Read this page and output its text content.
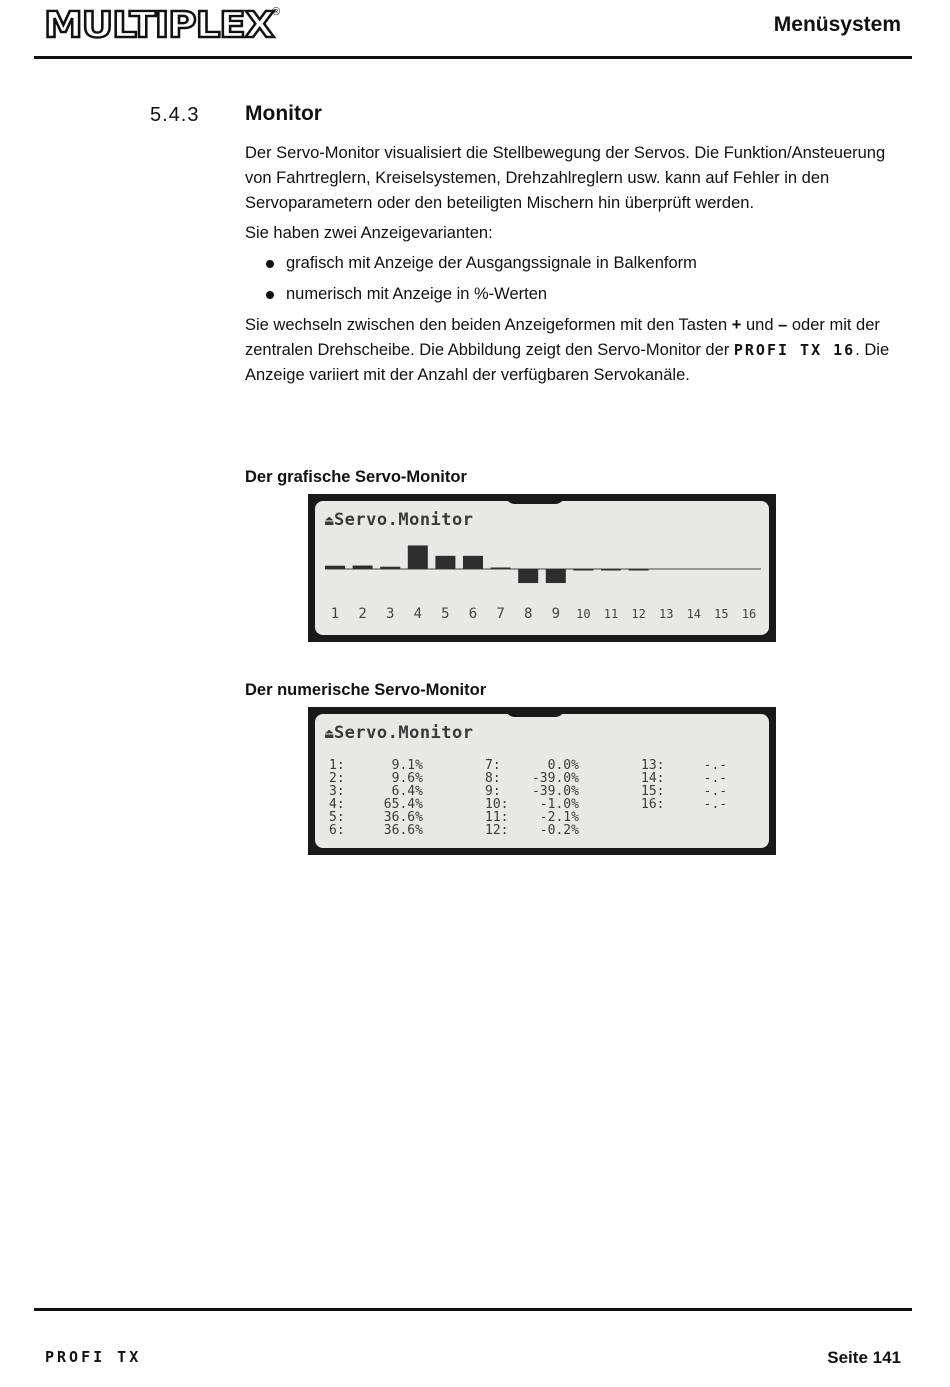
MULTIPLEX
®
Menüsystem
5.4.3 Monitor

Der Servo-Monitor visualisiert die Stellbewegung der Servos. Die Funktion/Ansteuerung von Fahrtreglern, Kreiselsystemen, Drehzahlreglern usw. kann auf Fehler in den Servoparametern oder den beteiligten Mischern hin überprüft werden.

Sie haben zwei Anzeigevarianten:

grafisch mit Anzeige der Ausgangssignale in Balkenform
numerisch mit Anzeige in %-Werten

Sie wechseln zwischen den beiden Anzeigeformen mit den Tasten + und – oder mit der zentralen Drehscheibe. Die Abbildung zeigt den Servo-Monitor der PROFI TX 16. Die Anzeige variiert mit der Anzahl der verfügbaren Servokanäle.

Der grafische Servo-Monitor
⏏Servo.Monitor
1 2 3 4 5 6 7 8 9 10 11 12 13 14 15 16
Der numerische Servo-Monitor
⏏Servo.Monitor
1:      9.1%
2:      9.6%
3:      6.4%
4:     65.4%
5:     36.6%
6:     36.6%
7:      0.0%
8:    -39.0%
9:    -39.0%
10:    -1.0%
11:    -2.1%
12:    -0.2%
13:     -.-
14:     -.-
15:     -.-
16:     -.-
PROFI TX	Seite 141
